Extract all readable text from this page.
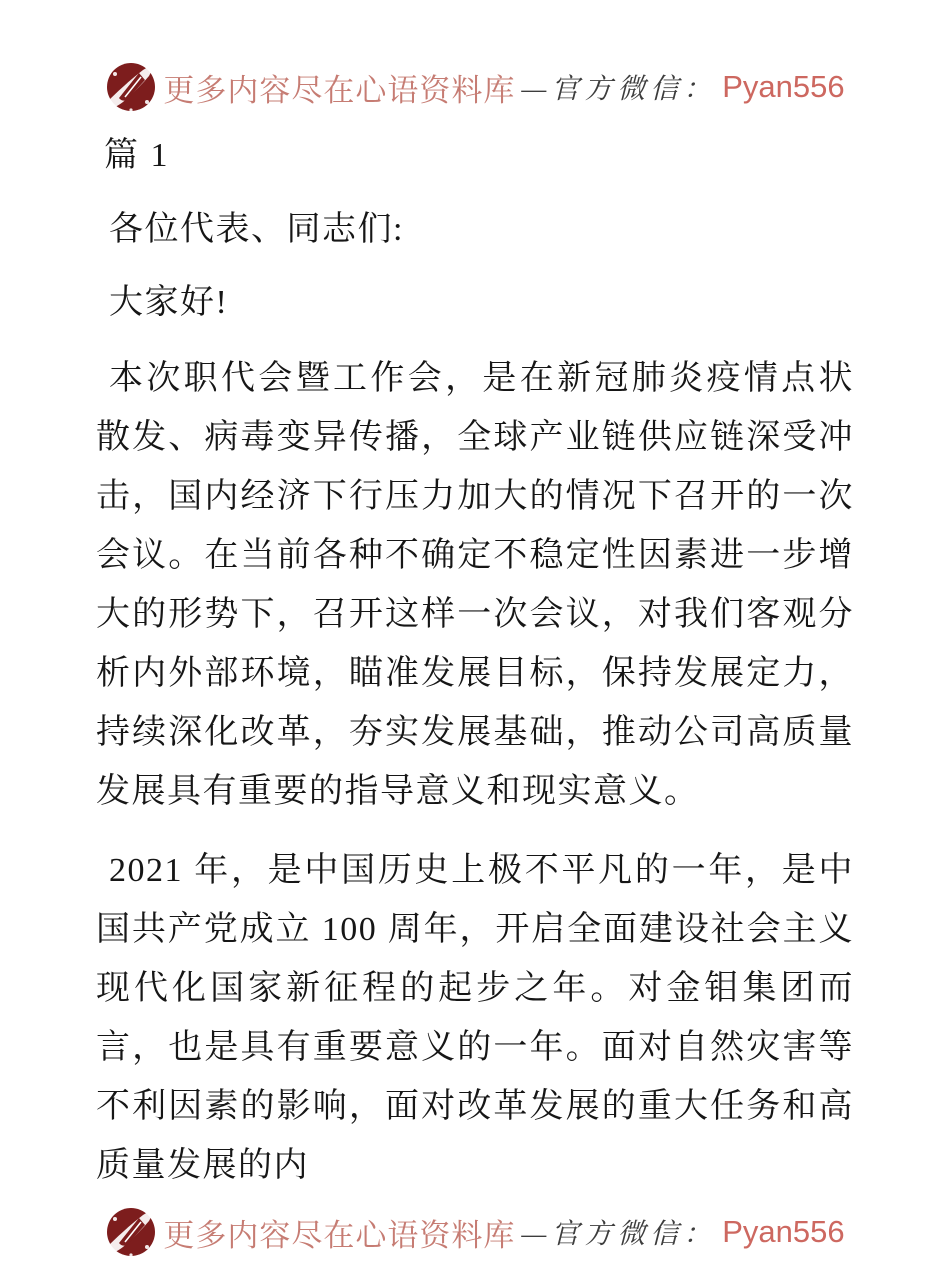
更多内容尽在心语资料库 —官方微信： Pyan556
篇 1

各位代表、同志们:

大家好!

本次职代会暨工作会，是在新冠肺炎疫情点状散发、病毒变异传播，全球产业链供应链深受冲击，国内经济下行压力加大的情况下召开的一次会议。在当前各种不确定不稳定性因素进一步增大的形势下，召开这样一次会议，对我们客观分析内外部环境，瞄准发展目标，保持发展定力，持续深化改革，夯实发展基础，推动公司高质量发展具有重要的指导意义和现实意义。

2021 年，是中国历史上极不平凡的一年，是中国共产党成立 100 周年，开启全面建设社会主义现代化国家新征程的起步之年。对金钼集团而言，也是具有重要意义的一年。面对自然灾害等不利因素的影响，面对改革发展的重大任务和高质量发展的内

更多内容尽在心语资料库 —官方微信： Pyan556
